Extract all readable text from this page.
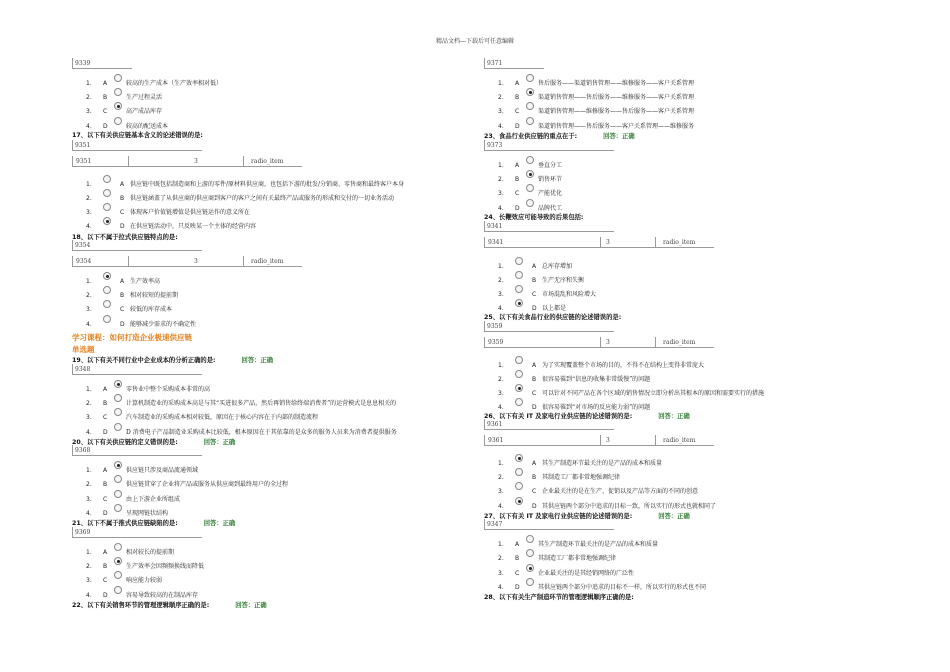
精品文档---下载后可任意编辑
9339
1.	A	较高的生产成本（生产效率相对低）
2.	B	生产过程灵活
3.	C	高产成品库存
4.	D	较高的配送成本
17、以下有关供应链基本含义的论述错误的是:
9351
9351	3	radio_item
1.	A 供应链中既包括制造商和上游的零件/原材料供应商，也包括下游的批发/分销商、零售商和最终客户本身
2.	B 供应链涵盖了从供应商的供应商到客户的客户之间有关最终产品或服务的形成和交付的一切业务活动
3.	C 体现客户价值链增值是供应链运作的意义所在
4.	D 在供应链活动中，只反映某一个主体的经营内容
18、以下不属于拉式供应链特点的是:
9354
9354	3	radio_item
1.	A 生产效率高
2.	B 相对较短的提前期
3.	C 较低的库存成本
4.	D 能够减少需求的不确定性
学习课程：如何打造企业极速供应链
单选题
19、以下有关不同行业中企业成本的分析正确的是:	回答：正确
9348
1.	A	零售业中整个采购成本非常的高
2.	B	计算机制造业的采购成本高是与其“买进很多产品，然后再销售给终端消费者”的运营模式是息息相关的
3.	C	汽车制造业的采购成本相对较低，原因在于核心内容在于内部的制造流程
4.	D	D 消费电子产品制造业采购成本比较低，根本原因在于其依靠的是众多的服务人员来为消费者提供服务
20、以下有关供应链的定义错误的是:	回答：正确
9368
1.	A	供应链只涉及商品流通领域
2.	B	供应链贯穿了企业将产品或服务从供应商到最终用户的全过程
3.	C	由上下游企业所组成
4.	D	呈现网链状结构
21、以下不属于推式供应链缺陷的是:	回答：正确
9369
1.	A	相对较长的提前期
2.	B	生产效率会因频频换线而降低
3.	C	响应能力较弱
4.	D	容易导致较高的在制品库存
22、以下有关销售环节的管理逻辑顺序正确的是:	回答：正确
9371
1.	A	售后服务——渠道销售管理——维修服务——客户关系管理
2.	B	渠道销售管理——售后服务——维修服务——客户关系管理
3.	C	渠道销售管理——维修服务——售后服务——客户关系管理
4.	D	渠道销售管理——售后服务——客户关系管理——维修服务
23、食品行业供应链的重点在于:	回答：正确
9373
1.	A	垂直分工
2.	B	销售环节
3.	C	产能优化
4.	D	品牌代工
24、长鞭效应可能导致的后果包括:
9341
9341	3	radio_item
1.	A 总库存增加
2.	B 生产无序和失衡
3.	C 市场混乱和风险增大
4.	D 以上都是
25、以下有关食品行业的供应链的论述错误的是:
9359
9359	3	radio_item
1.	A 为了实现覆盖整个市场的目的，不得不在结构上变得非常庞大
2.	B 很容易罹到“信息的收集非常缓慢”的问题
3.	C 可以针对不同产品在各个区域的销售情况立即分析出其根本的原因和需要实行的措施
4.	D 很容易罹到“对市场的反应能力弱”的问题
26、以下有关 IT 及家电行业供应链的论述错误的是:	回答：正确
9361
9361	3	radio_item
1.	A 其生产制造环节最关注的是产品的成本和质量
2.	B 其制造工厂都非常地强调纪律
3.	C 企业最关注的是在生产、促销以及产品等方面的不同的创意
4.	D 其供应链两个部分中追求的目标一致，所以实行的形式也就相同了
27、以下有关 IT 及家电行业供应链的论述错误的是:	回答：正确
9347
1.	A	其生产制造环节最关注的是产品的成本和质量
2.	B	其制造工厂都非常地强调纪律
3.	C	企业最关注的是其经销网络的广泛性
4.	D	其供应链两个部分中追求的目标不一样，所以实行的形式也不同
28、以下有关生产制造环节的管理逻辑顺序正确的是:
